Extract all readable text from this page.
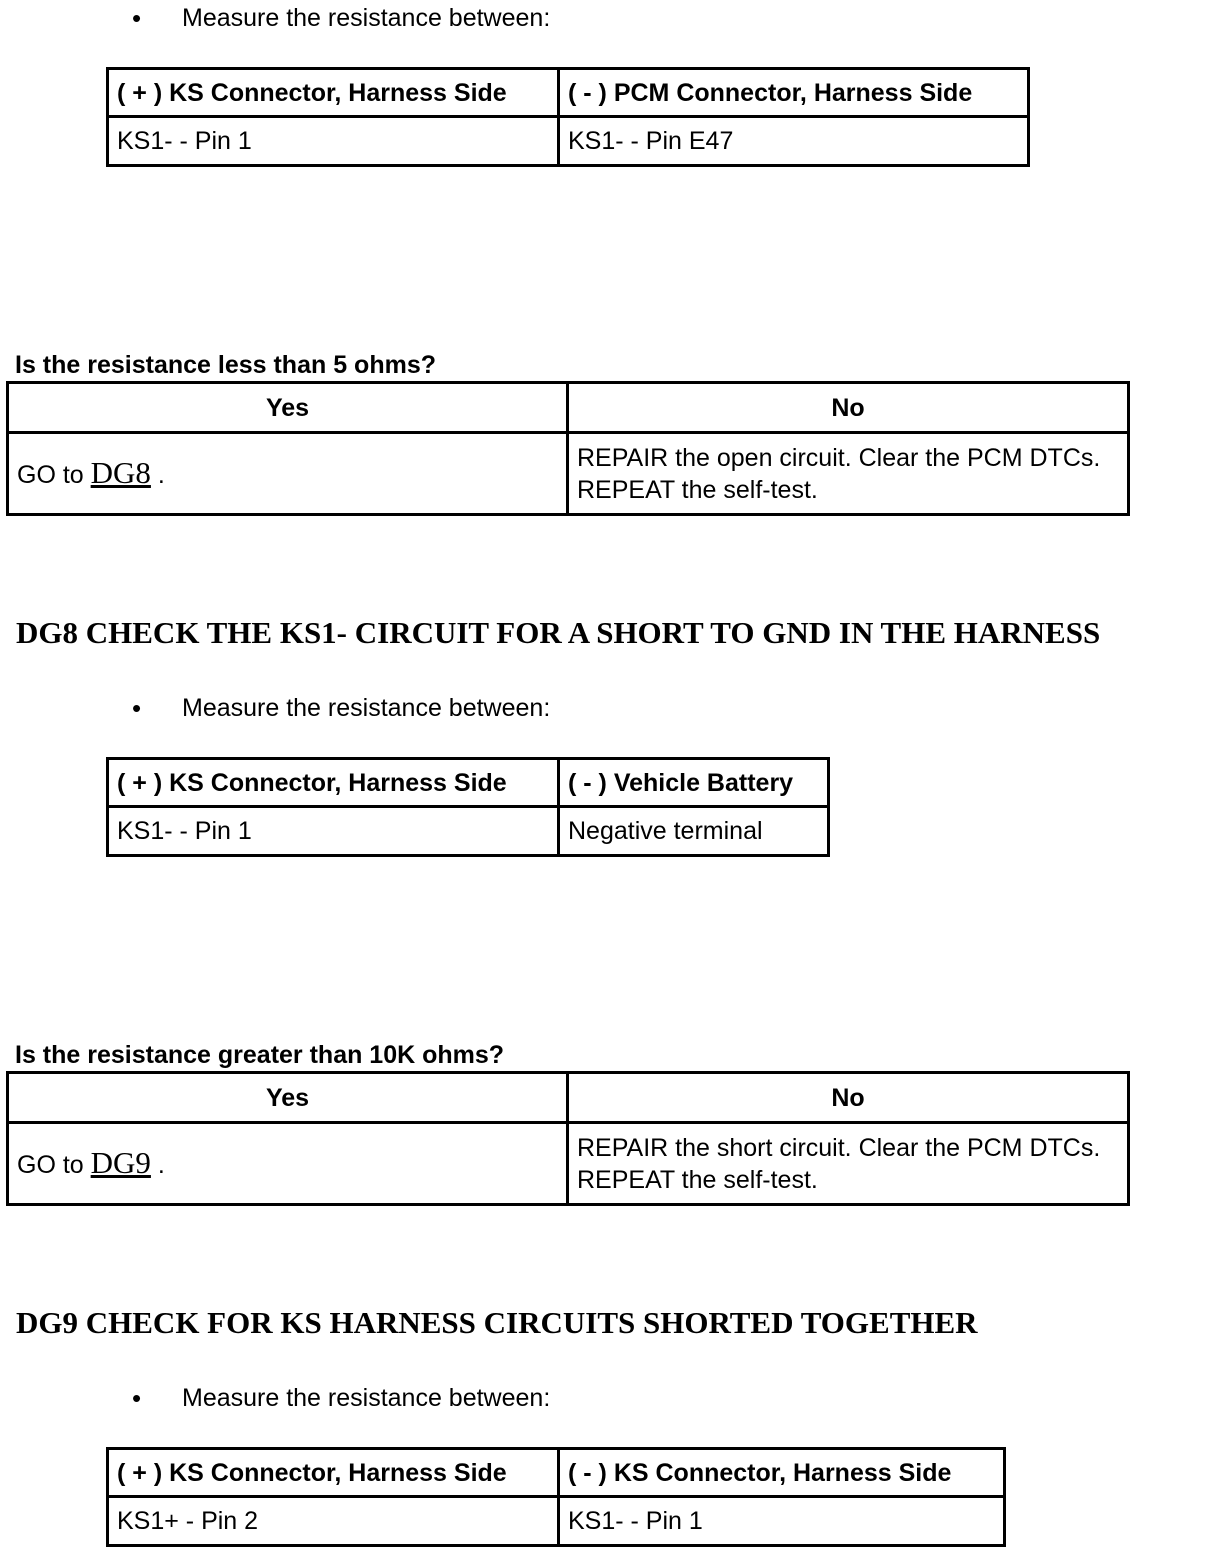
• Measure the resistance between:
( + ) KS Connector, Harness Side	( - ) PCM Connector, Harness Side
KS1- - Pin 1	KS1- - Pin E47
Is the resistance less than 5 ohms?
Yes	No
GO to DG8 .	REPAIR the open circuit. Clear the PCM DTCs. REPEAT the self-test.
DG8 CHECK THE KS1- CIRCUIT FOR A SHORT TO GND IN THE HARNESS
• Measure the resistance between:
( + ) KS Connector, Harness Side	( - ) Vehicle Battery
KS1- - Pin 1	Negative terminal
Is the resistance greater than 10K ohms?
Yes	No
GO to DG9 .	REPAIR the short circuit. Clear the PCM DTCs. REPEAT the self-test.
DG9 CHECK FOR KS HARNESS CIRCUITS SHORTED TOGETHER
• Measure the resistance between:
( + ) KS Connector, Harness Side	( - ) KS Connector, Harness Side
KS1+ - Pin 2	KS1- - Pin 1
